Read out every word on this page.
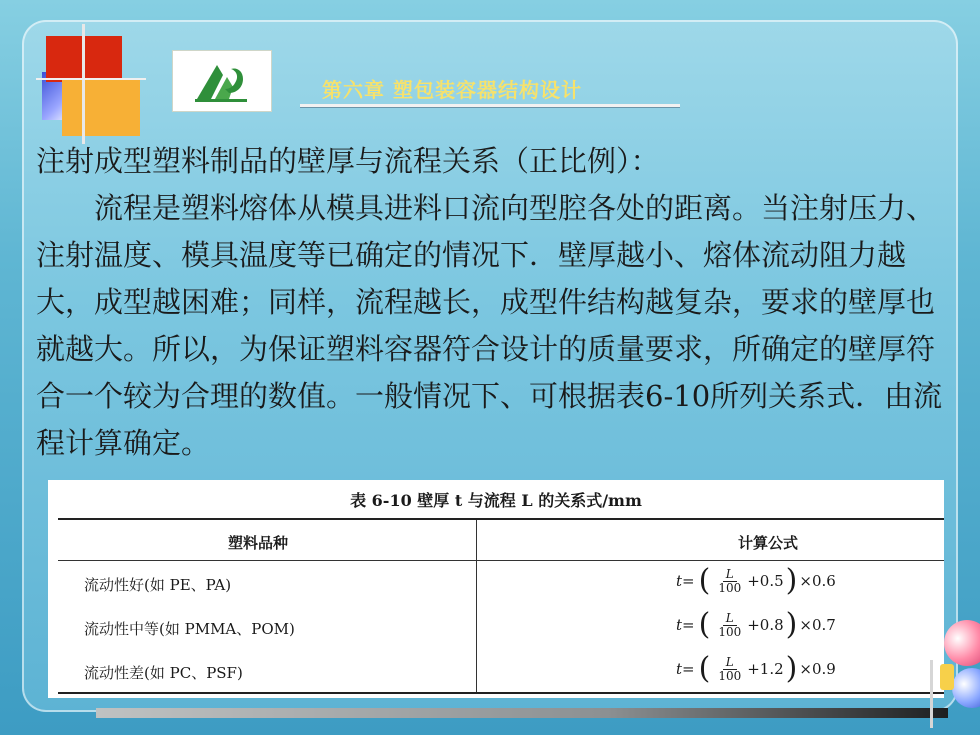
第六章 塑包装容器结构设计

注射成型塑料制品的壁厚与流程关系（正比例）：

流程是塑料熔体从模具进料口流向型腔各处的距离。当注射压力、注射温度、模具温度等已确定的情况下．壁厚越小、熔体流动阻力越大，成型越困难；同样，流程越长，成型件结构越复杂，要求的壁厚也就越大。所以，为保证塑料容器符合设计的质量要求，所确定的壁厚符合一个较为合理的数值。一般情况下、可根据表6-10所列关系式．由流程计算确定。

表 6-10 壁厚 t 与流程 L 的关系式/mm
塑料品种	计算公式
流动性好(如 PE、PA)	t= ( $\frac{L}{100} +0.5$ ) ×0.6
流动性中等(如 PMMA、POM)	t= ( $\frac{L}{100} +0.8$ ) ×0.7
流动性差(如 PC、PSF)	t= ( $\frac{L}{100} +1.2$ ) ×0.9
